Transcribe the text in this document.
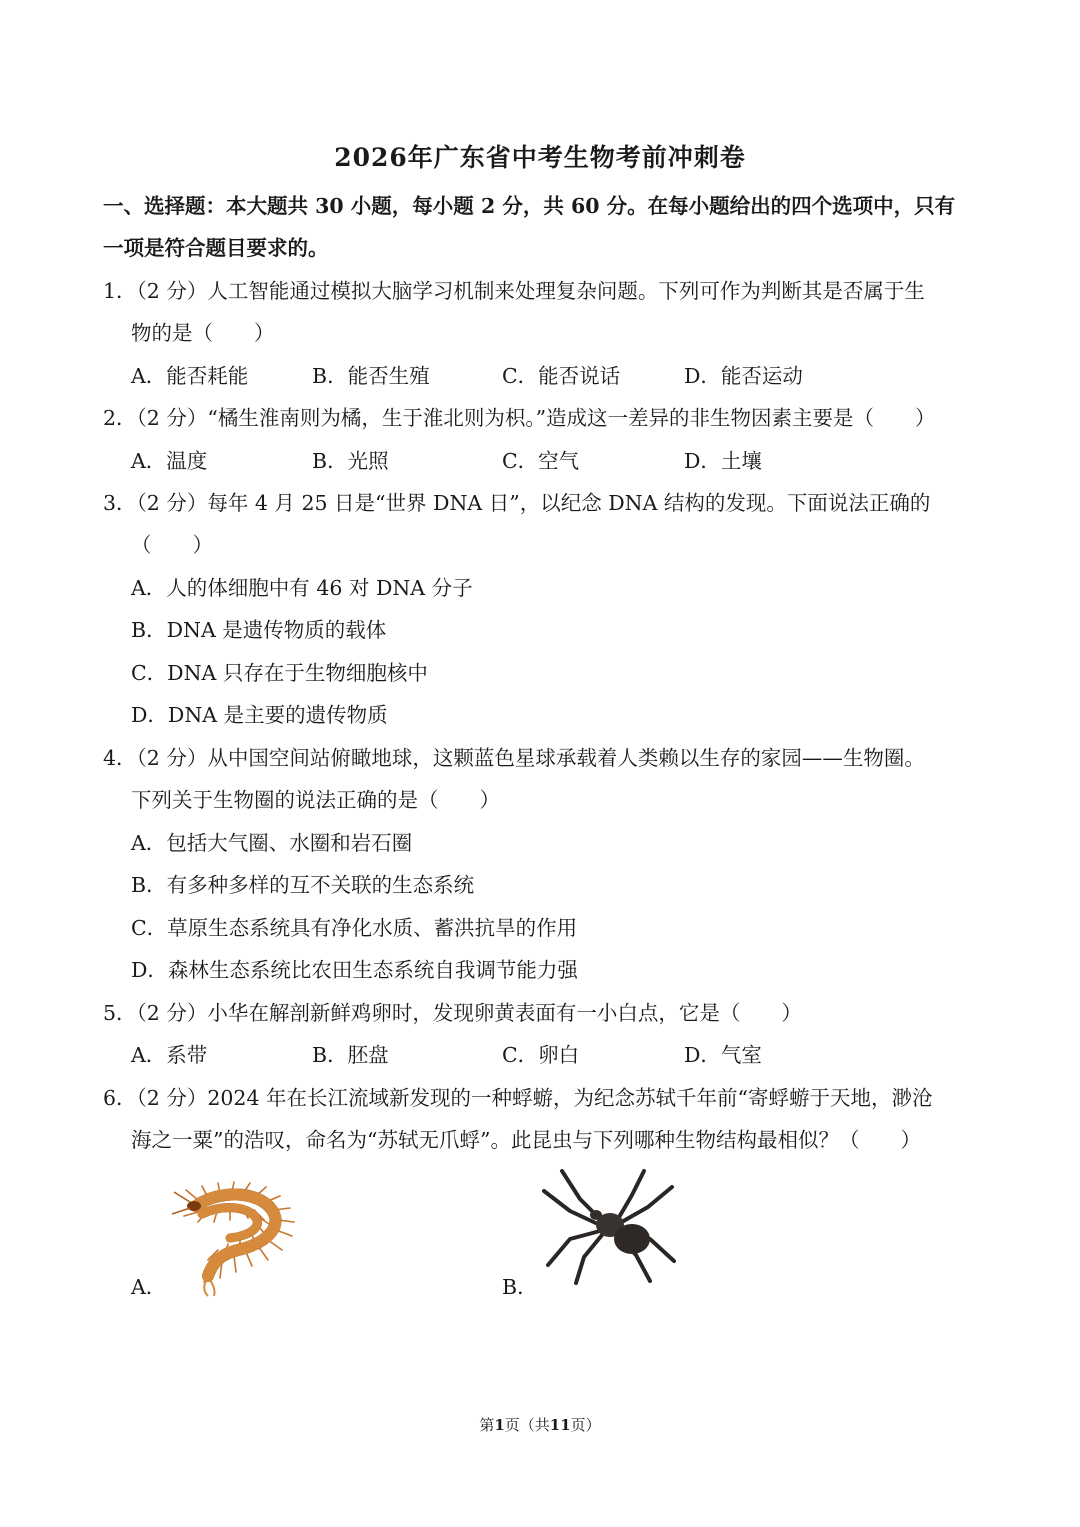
2026年广东省中考生物考前冲刺卷
一、选择题：本大题共 30 小题，每小题 2 分，共 60 分。在每小题给出的四个选项中，只有
一项是符合题目要求的。
1．（2 分）人工智能通过模拟大脑学习机制来处理复杂问题。下列可作为判断其是否属于生
物的是（　　）
A．能否耗能	B．能否生殖	C．能否说话	D．能否运动
2．（2 分）“橘生淮南则为橘，生于淮北则为枳。”造成这一差异的非生物因素主要是（　　）
A．温度	B．光照	C．空气	D．土壤
3．（2 分）每年 4 月 25 日是“世界 DNA 日”，以纪念 DNA 结构的发现。下面说法正确的
（　　）
A．人的体细胞中有 46 对 DNA 分子
B．DNA 是遗传物质的载体
C．DNA 只存在于生物细胞核中
D．DNA 是主要的遗传物质
4．（2 分）从中国空间站俯瞰地球，这颗蓝色星球承载着人类赖以生存的家园——生物圈。
下列关于生物圈的说法正确的是（　　）
A．包括大气圈、水圈和岩石圈
B．有多种多样的互不关联的生态系统
C．草原生态系统具有净化水质、蓄洪抗旱的作用
D．森林生态系统比农田生态系统自我调节能力强
5．（2 分）小华在解剖新鲜鸡卵时，发现卵黄表面有一小白点，它是（　　）
A．系带	B．胚盘	C．卵白	D．气室
6．（2 分）2024 年在长江流域新发现的一种蜉蝣，为纪念苏轼千年前“寄蜉蝣于天地，渺沧
海之一粟”的浩叹，命名为“苏轼无爪蜉”。此昆虫与下列哪种生物结构最相似？（　　）
A．	B．
第1页（共11页）
